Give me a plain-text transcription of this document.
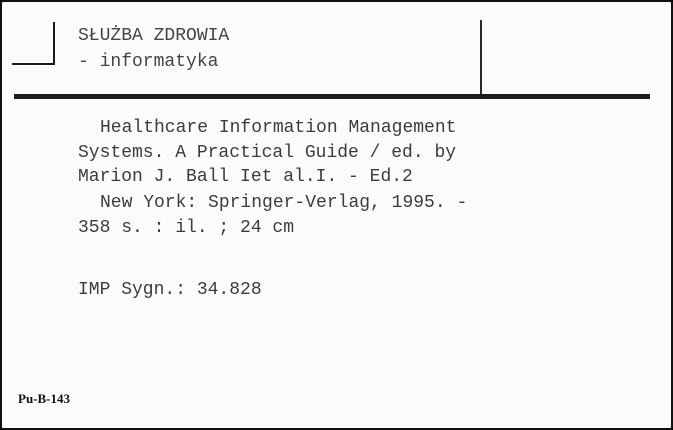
SŁUŻBA ZDROWIA
- informatyka
Healthcare Information Management
Systems. A Practical Guide / ed. by
Marion J. Ball Iet al.I. - Ed.2
New York: Springer-Verlag, 1995. -
358 s. : il. ; 24 cm
IMP Sygn.: 34.828
Pu-B-143
